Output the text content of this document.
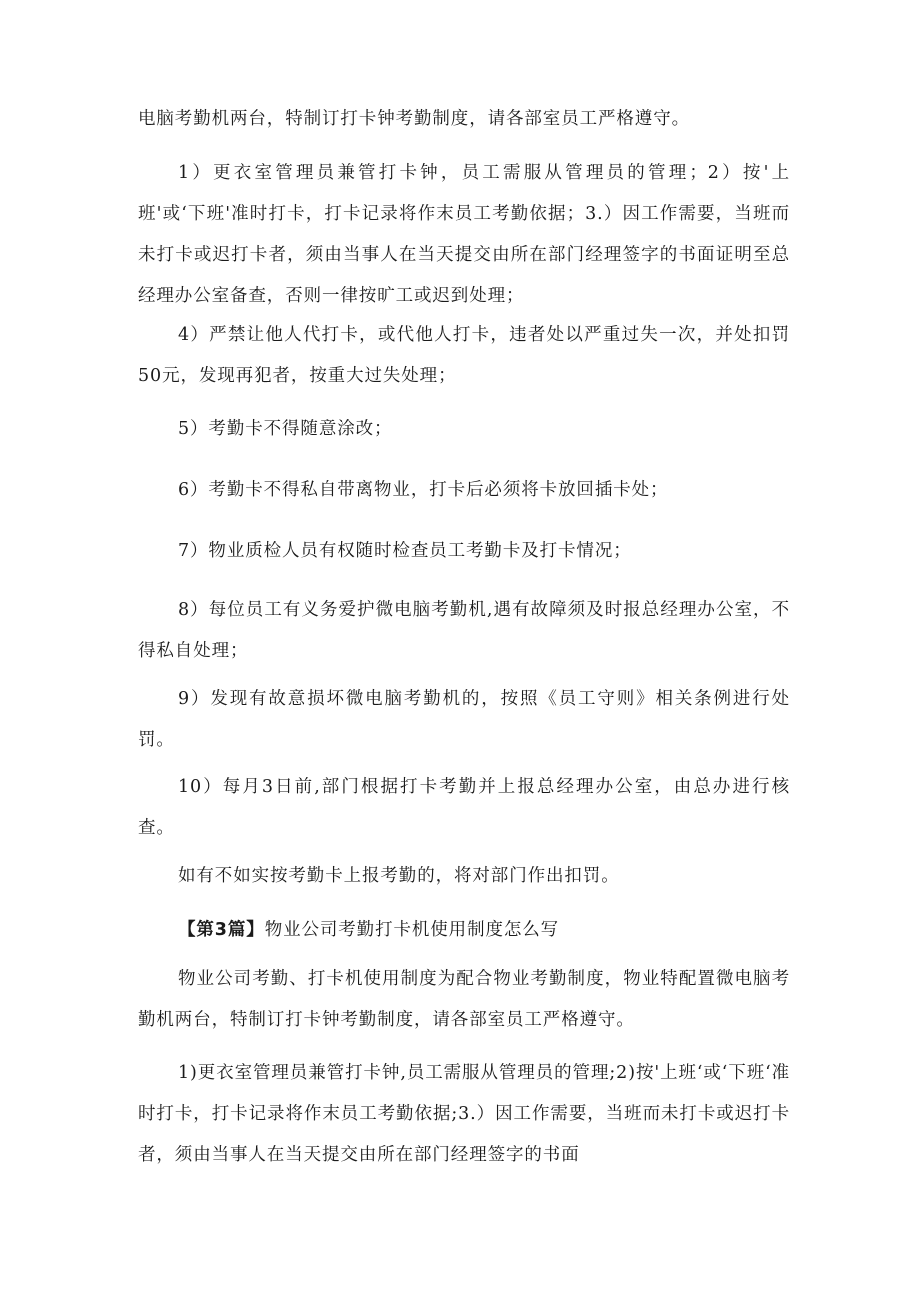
电脑考勤机两台，特制订打卡钟考勤制度，请各部室员工严格遵守。

1）更衣室管理员兼管打卡钟，员工需服从管理员的管理；2）按'上班'或‘下班'准时打卡，打卡记录将作末员工考勤依据；3.）因工作需要，当班而未打卡或迟打卡者，须由当事人在当天提交由所在部门经理签字的书面证明至总经理办公室备查，否则一律按旷工或迟到处理；

4）严禁让他人代打卡，或代他人打卡，违者处以严重过失一次，并处扣罚50元，发现再犯者，按重大过失处理；

5）考勤卡不得随意涂改；

6）考勤卡不得私自带离物业，打卡后必须将卡放回插卡处；

7）物业质检人员有权随时检查员工考勤卡及打卡情况；

8）每位员工有义务爱护微电脑考勤机,遇有故障须及时报总经理办公室，不得私自处理；

9）发现有故意损坏微电脑考勤机的，按照《员工守则》相关条例进行处罚。

10）每月3日前,部门根据打卡考勤并上报总经理办公室，由总办进行核查。

如有不如实按考勤卡上报考勤的，将对部门作出扣罚。

【第3篇】物业公司考勤打卡机使用制度怎么写

物业公司考勤、打卡机使用制度为配合物业考勤制度，物业特配置微电脑考勤机两台，特制订打卡钟考勤制度，请各部室员工严格遵守。

1)更衣室管理员兼管打卡钟,员工需服从管理员的管理;2)按'上班‘或‘下班‘准时打卡，打卡记录将作末员工考勤依据;3.）因工作需要，当班而未打卡或迟打卡者，须由当事人在当天提交由所在部门经理签字的书面
